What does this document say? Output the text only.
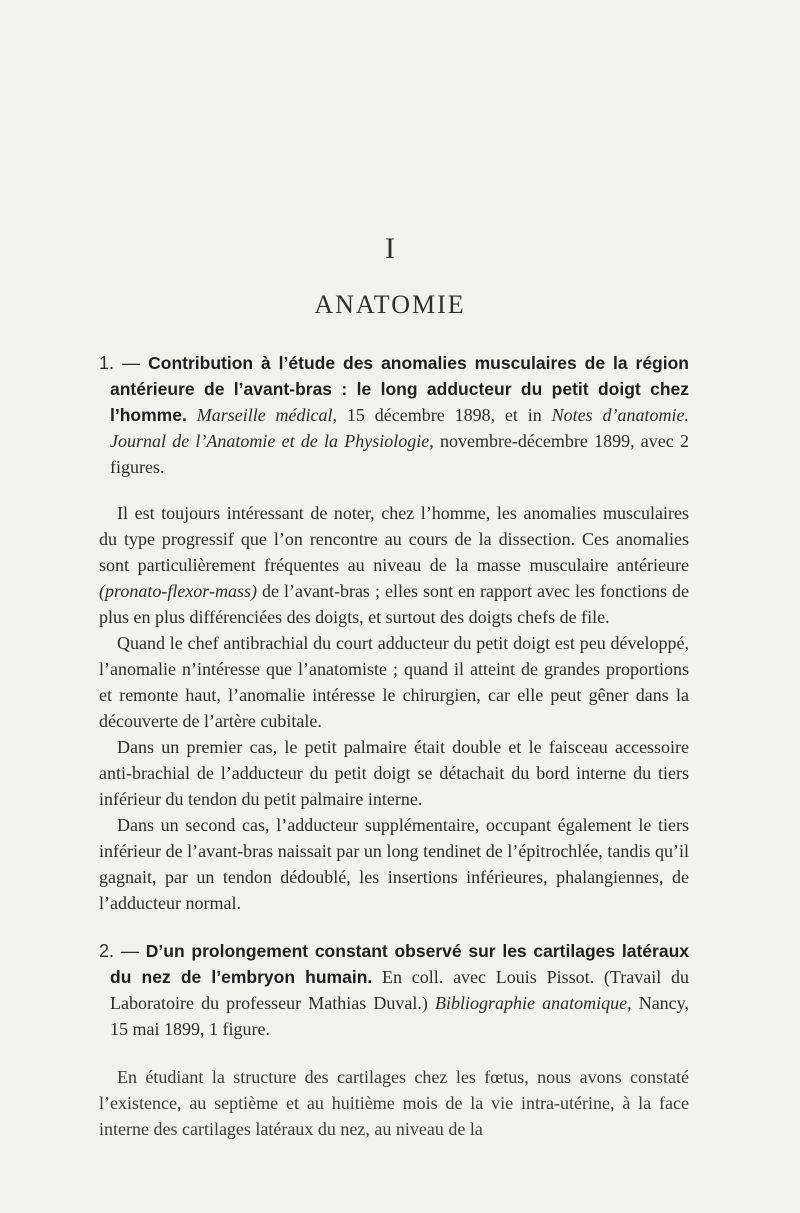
I
ANATOMIE

1. — Contribution à l’étude des anomalies musculaires de la région antérieure de l’avant-bras : le long adducteur du petit doigt chez l’homme. Marseille médical, 15 décembre 1898, et in Notes d’anatomie. Journal de l’Anatomie et de la Physiologie, novembre-décembre 1899, avec 2 figures.

Il est toujours intéressant de noter, chez l’homme, les anomalies musculaires du type progressif que l’on rencontre au cours de la dissection. Ces anomalies sont particulièrement fréquentes au niveau de la masse musculaire antérieure (pronato-flexor-mass) de l’avant-bras ; elles sont en rapport avec les fonctions de plus en plus différenciées des doigts, et surtout des doigts chefs de file.

Quand le chef antibrachial du court adducteur du petit doigt est peu développé, l’anomalie n’intéresse que l’anatomiste ; quand il atteint de grandes proportions et remonte haut, l’anomalie intéresse le chirurgien, car elle peut gêner dans la découverte de l’artère cubitale.

Dans un premier cas, le petit palmaire était double et le faisceau accessoire anti-brachial de l’adducteur du petit doigt se détachait du bord interne du tiers inférieur du tendon du petit palmaire interne.

Dans un second cas, l’adducteur supplémentaire, occupant également le tiers inférieur de l’avant-bras naissait par un long tendinet de l’épitrochlée, tandis qu’il gagnait, par un tendon dédoublé, les insertions inférieures, phalangiennes, de l’adducteur normal.

2. — D’un prolongement constant observé sur les cartilages latéraux du nez de l’embryon humain. En coll. avec Louis Pissot. (Travail du Laboratoire du professeur Mathias Duval.) Bibliographie anatomique, Nancy, 15 mai 1899, 1 figure.

En étudiant la structure des cartilages chez les fœtus, nous avons constaté l’existence, au septième et au huitième mois de la vie intra-utérine, à la face interne des cartilages latéraux du nez, au niveau de la
